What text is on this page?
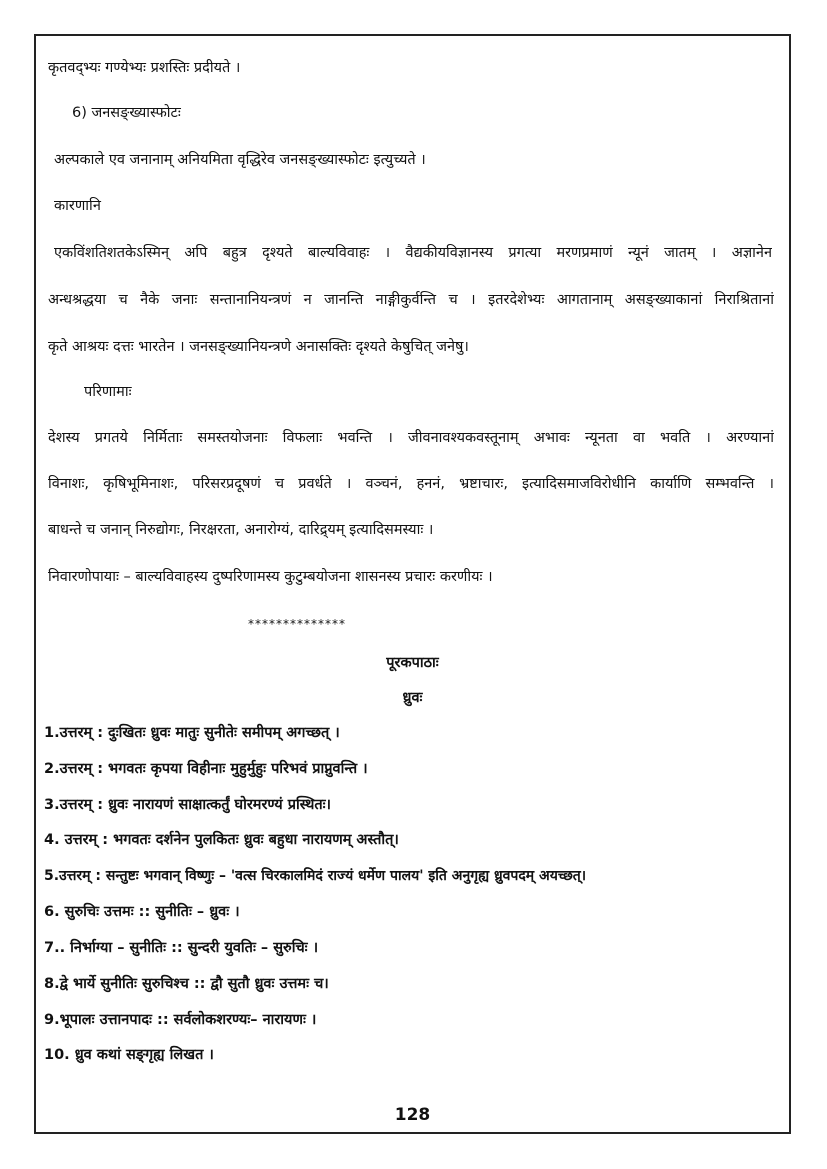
कृतवद्भ्यः गण्येभ्यः प्रशस्तिः प्रदीयते ।
6) जनसङ्ख्यास्फोटः
अल्पकाले एव जनानाम् अनियमिता वृद्धिरेव जनसङ्ख्यास्फोटः इत्युच्यते ।
कारणानि
एकविंशतिशतकेऽस्मिन् अपि बहुत्र दृश्यते बाल्यविवाहः । वैद्यकीयविज्ञानस्य प्रगत्या मरणप्रमाणं न्यूनं जातम् । अज्ञानेन
अन्धश्रद्धया च नैके जनाः सन्तानानियन्त्रणं न जानन्ति नाङ्गीकुर्वन्ति च । इतरदेशेभ्यः आगतानाम् असङ्ख्याकानां निराश्रितानां
कृते आश्रयः दत्तः भारतेन । जनसङ्ख्यानियन्त्रणे अनासक्तिः दृश्यते केषुचित् जनेषु।
परिणामाः
देशस्य प्रगतये निर्मिताः समस्तयोजनाः विफलाः भवन्ति । जीवनावश्यकवस्तूनाम् अभावः न्यूनता वा भवति । अरण्यानां
विनाशः, कृषिभूमिनाशः, परिसरप्रदूषणं च प्रवर्धते । वञ्चनं, हननं, भ्रष्टाचारः, इत्यादिसमाजविरोधीनि कार्याणि सम्भवन्ति ।
बाधन्ते च जनान् निरुद्योगः, निरक्षरता, अनारोग्यं, दारिद्र्यम् इत्यादिसमस्याः ।
निवारणोपायाः – बाल्यविवाहस्य दुष्परिणामस्य कुटुम्बयोजना शासनस्य प्रचारः करणीयः ।
**************
पूरकपाठाः
ध्रुवः
1.उत्तरम् : दुःखितः ध्रुवः मातुः सुनीतेः समीपम् अगच्छत् ।
2.उत्तरम् : भगवतः कृपया विहीनाः मुहुर्मुहुः परिभवं प्राप्नुवन्ति ।
3.उत्तरम् : ध्रुवः नारायणं साक्षात्कर्तुं घोरमरण्यं प्रस्थितः।
4. उत्तरम् : भगवतः दर्शनेन पुलकितः ध्रुवः बहुधा नारायणम् अस्तौत्।
5.उत्तरम् : सन्तुष्टः भगवान् विष्णुः – 'वत्स चिरकालमिदं राज्यं धर्मेण पालय' इति अनुगृह्य ध्रुवपदम् अयच्छत्।
6. सुरुचिः उत्तमः :: सुनीतिः – ध्रुवः ।
7.. निर्भाग्या – सुनीतिः :: सुन्दरी युवतिः – सुरुचिः ।
8.द्वे भार्ये सुनीतिः सुरुचिश्च :: द्वौ सुतौ ध्रुवः उत्तमः च।
9.भूपालः उत्तानपादः :: सर्वलोकशरण्यः– नारायणः ।
10. ध्रुव कथां सङ्गृह्य लिखत ।
128
